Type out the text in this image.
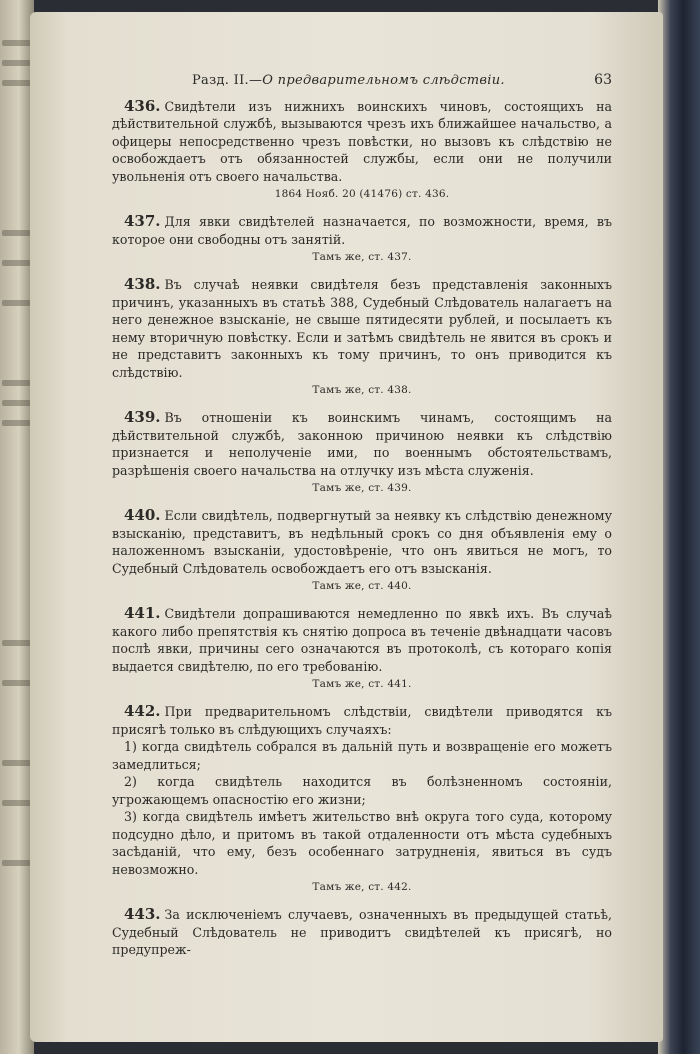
Разд. II.—О предварительномъ слѣдствіи.	63

436. Свидѣтели изъ нижнихъ воинскихъ чиновъ, состоящихъ на дѣйствительной службѣ, вызываются чрезъ ихъ ближайшее начальство, а офицеры непосредственно чрезъ повѣстки, но вызовъ къ слѣдствію не освобождаетъ отъ обязанностей службы, если они не получили увольненія отъ своего начальства.

1864 Нояб. 20 (41476) ст. 436.

437. Для явки свидѣтелей назначается, по возможности, время, въ которое они свободны отъ занятій.

Тамъ же, ст. 437.

438. Въ случаѣ неявки свидѣтеля безъ представленія законныхъ причинъ, указанныхъ въ статьѣ 388, Судебный Слѣдователь налагаетъ на него денежное взысканіе, не свыше пятидесяти рублей, и посылаетъ къ нему вторичную повѣстку. Если и затѣмъ свидѣтель не явится въ срокъ и не представитъ законныхъ къ тому причинъ, то онъ приводится къ слѣдствію.

Тамъ же, ст. 438.

439. Въ отношеніи къ воинскимъ чинамъ, состоящимъ на дѣйствительной службѣ, законною причиною неявки къ слѣдствію признается и неполученіе ими, по военнымъ обстоятельствамъ, разрѣшенія своего начальства на отлучку изъ мѣста служенія.

Тамъ же, ст. 439.

440. Если свидѣтель, подвергнутый за неявку къ слѣдствію денежному взысканію, представитъ, въ недѣльный срокъ со дня объявленія ему о наложенномъ взысканіи, удостовѣреніе, что онъ явиться не могъ, то Судебный Слѣдователь освобождаетъ его отъ взысканія.

Тамъ же, ст. 440.

441. Свидѣтели допрашиваются немедленно по явкѣ ихъ. Въ случаѣ какого либо препятствія къ снятію допроса въ теченіе двѣнадцати часовъ послѣ явки, причины сего означаются въ протоколѣ, съ котораго копія выдается свидѣтелю, по его требованію.

Тамъ же, ст. 441.

442. При предварительномъ слѣдствіи, свидѣтели приводятся къ присягѣ только въ слѣдующихъ случаяхъ:

1) когда свидѣтель собрался въ дальній путь и возвращеніе его можетъ замедлиться;

2) когда свидѣтель находится въ болѣзненномъ состояніи, угрожающемъ опасностію его жизни;

3) когда свидѣтель имѣетъ жительство внѣ округа того суда, которому подсудно дѣло, и притомъ въ такой отдаленности отъ мѣста судебныхъ засѣданій, что ему, безъ особеннаго затрудненія, явиться въ судъ невозможно.

Тамъ же, ст. 442.

443. За исключеніемъ случаевъ, означенныхъ въ предыдущей статьѣ, Судебный Слѣдователь не приводитъ свидѣтелей къ присягѣ, но предупреж-
